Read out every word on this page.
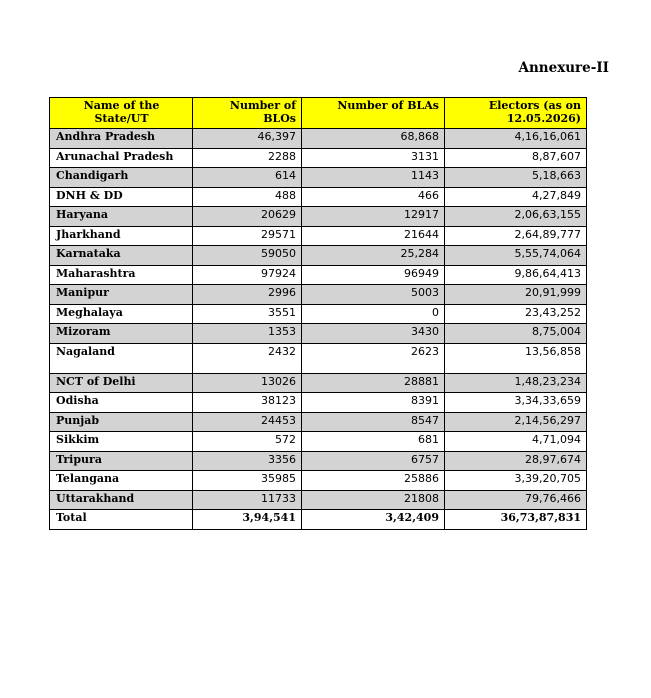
Annexure-II
Name of the State/UT	Number of BLOs	Number of BLAs	Electors (as on 12.05.2026)
Andhra Pradesh	46,397	68,868	4,16,16,061
Arunachal Pradesh	2288	3131	8,87,607
Chandigarh	614	1143	5,18,663
DNH & DD	488	466	4,27,849
Haryana	20629	12917	2,06,63,155
Jharkhand	29571	21644	2,64,89,777
Karnataka	59050	25,284	5,55,74,064
Maharashtra	97924	96949	9,86,64,413
Manipur	2996	5003	20,91,999
Meghalaya	3551	0	23,43,252
Mizoram	1353	3430	8,75,004
Nagaland	2432	2623	13,56,858
NCT of Delhi	13026	28881	1,48,23,234
Odisha	38123	8391	3,34,33,659
Punjab	24453	8547	2,14,56,297
Sikkim	572	681	4,71,094
Tripura	3356	6757	28,97,674
Telangana	35985	25886	3,39,20,705
Uttarakhand	11733	21808	79,76,466
Total	3,94,541	3,42,409	36,73,87,831
